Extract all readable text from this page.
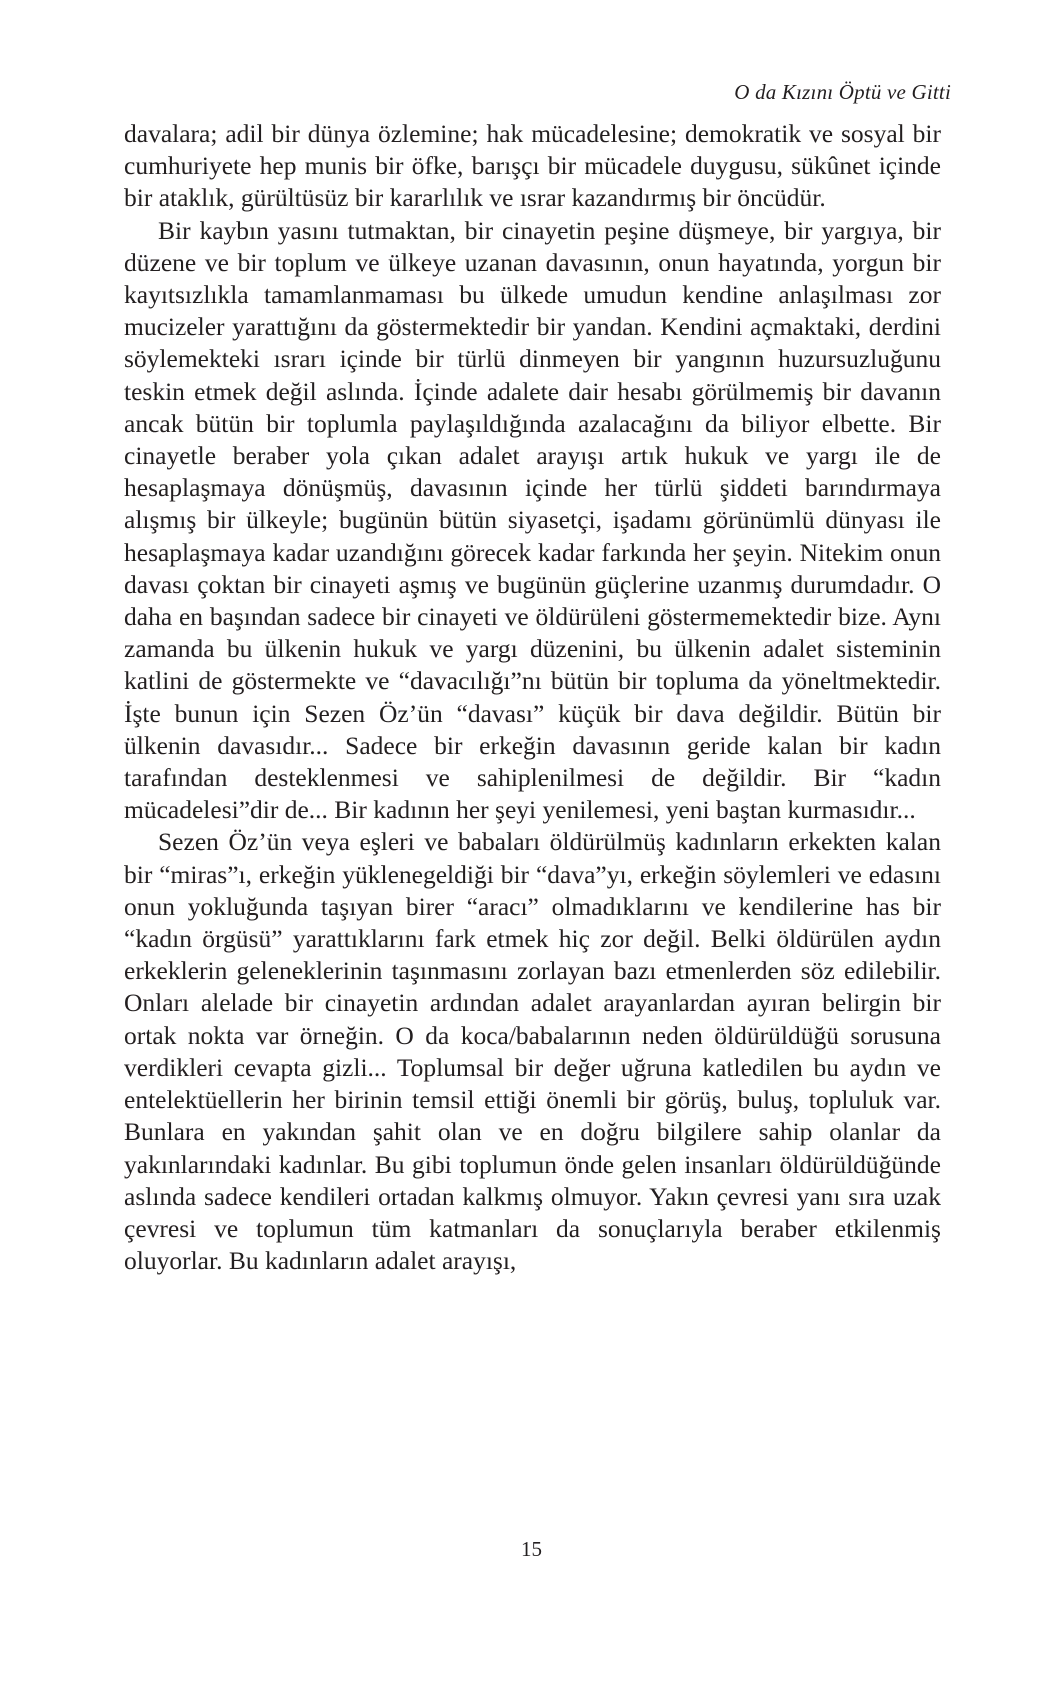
O da Kızını Öptü ve Gitti

davalara; adil bir dünya özlemine; hak mücadelesine; demokratik ve sosyal bir cumhuriyete hep munis bir öfke, barışçı bir mücadele duygusu, sükûnet içinde bir ataklık, gürültüsüz bir kararlılık ve ısrar kazandırmış bir öncüdür.

Bir kaybın yasını tutmaktan, bir cinayetin peşine düşmeye, bir yargıya, bir düzene ve bir toplum ve ülkeye uzanan davasının, onun hayatında, yorgun bir kayıtsızlıkla tamamlanmaması bu ülkede umudun kendine anlaşılması zor mucizeler yarattığını da göstermektedir bir yandan. Kendini açmaktaki, derdini söylemekteki ısrarı içinde bir türlü dinmeyen bir yangının huzursuzluğunu teskin etmek değil aslında. İçinde adalete dair hesabı görülmemiş bir davanın ancak bütün bir toplumla paylaşıldığında azalacağını da biliyor elbette. Bir cinayetle beraber yola çıkan adalet arayışı artık hukuk ve yargı ile de hesaplaşmaya dönüşmüş, davasının içinde her türlü şiddeti barındırmaya alışmış bir ülkeyle; bugünün bütün siyasetçi, işadamı görünümlü dünyası ile hesaplaşmaya kadar uzandığını görecek kadar farkında her şeyin. Nitekim onun davası çoktan bir cinayeti aşmış ve bugünün güçlerine uzanmış durumdadır. O daha en başından sadece bir cinayeti ve öldürüleni göstermemektedir bize. Aynı zamanda bu ülkenin hukuk ve yargı düzenini, bu ülkenin adalet sisteminin katlini de göstermekte ve “davacılığı”nı bütün bir topluma da yöneltmektedir. İşte bunun için Sezen Öz’ün “davası” küçük bir dava değildir. Bütün bir ülkenin davasıdır... Sadece bir erkeğin davasının geride kalan bir kadın tarafından desteklenmesi ve sahiplenilmesi de değildir. Bir “kadın mücadelesi”dir de... Bir kadının her şeyi yenilemesi, yeni baştan kurmasıdır...

Sezen Öz’ün veya eşleri ve babaları öldürülmüş kadınların erkekten kalan bir “miras”ı, erkeğin yüklenegeldiği bir “dava”yı, erkeğin söylemleri ve edasını onun yokluğunda taşıyan birer “aracı” olmadıklarını ve kendilerine has bir “kadın örgüsü” yarattıklarını fark etmek hiç zor değil. Belki öldürülen aydın erkeklerin geleneklerinin taşınmasını zorlayan bazı etmenlerden söz edilebilir. Onları alelade bir cinayetin ardından adalet arayanlardan ayıran belirgin bir ortak nokta var örneğin. O da koca/babalarının neden öldürüldüğü sorusuna verdikleri cevapta gizli... Toplumsal bir değer uğruna katledilen bu aydın ve entelektüellerin her birinin temsil ettiği önemli bir görüş, buluş, topluluk var. Bunlara en yakından şahit olan ve en doğru bilgilere sahip olanlar da yakınlarındaki kadınlar. Bu gibi toplumun önde gelen insanları öldürüldüğünde aslında sadece kendileri ortadan kalkmış olmuyor. Yakın çevresi yanı sıra uzak çevresi ve toplumun tüm katmanları da sonuçlarıyla beraber etkilenmiş oluyorlar. Bu kadınların adalet arayışı,

15
